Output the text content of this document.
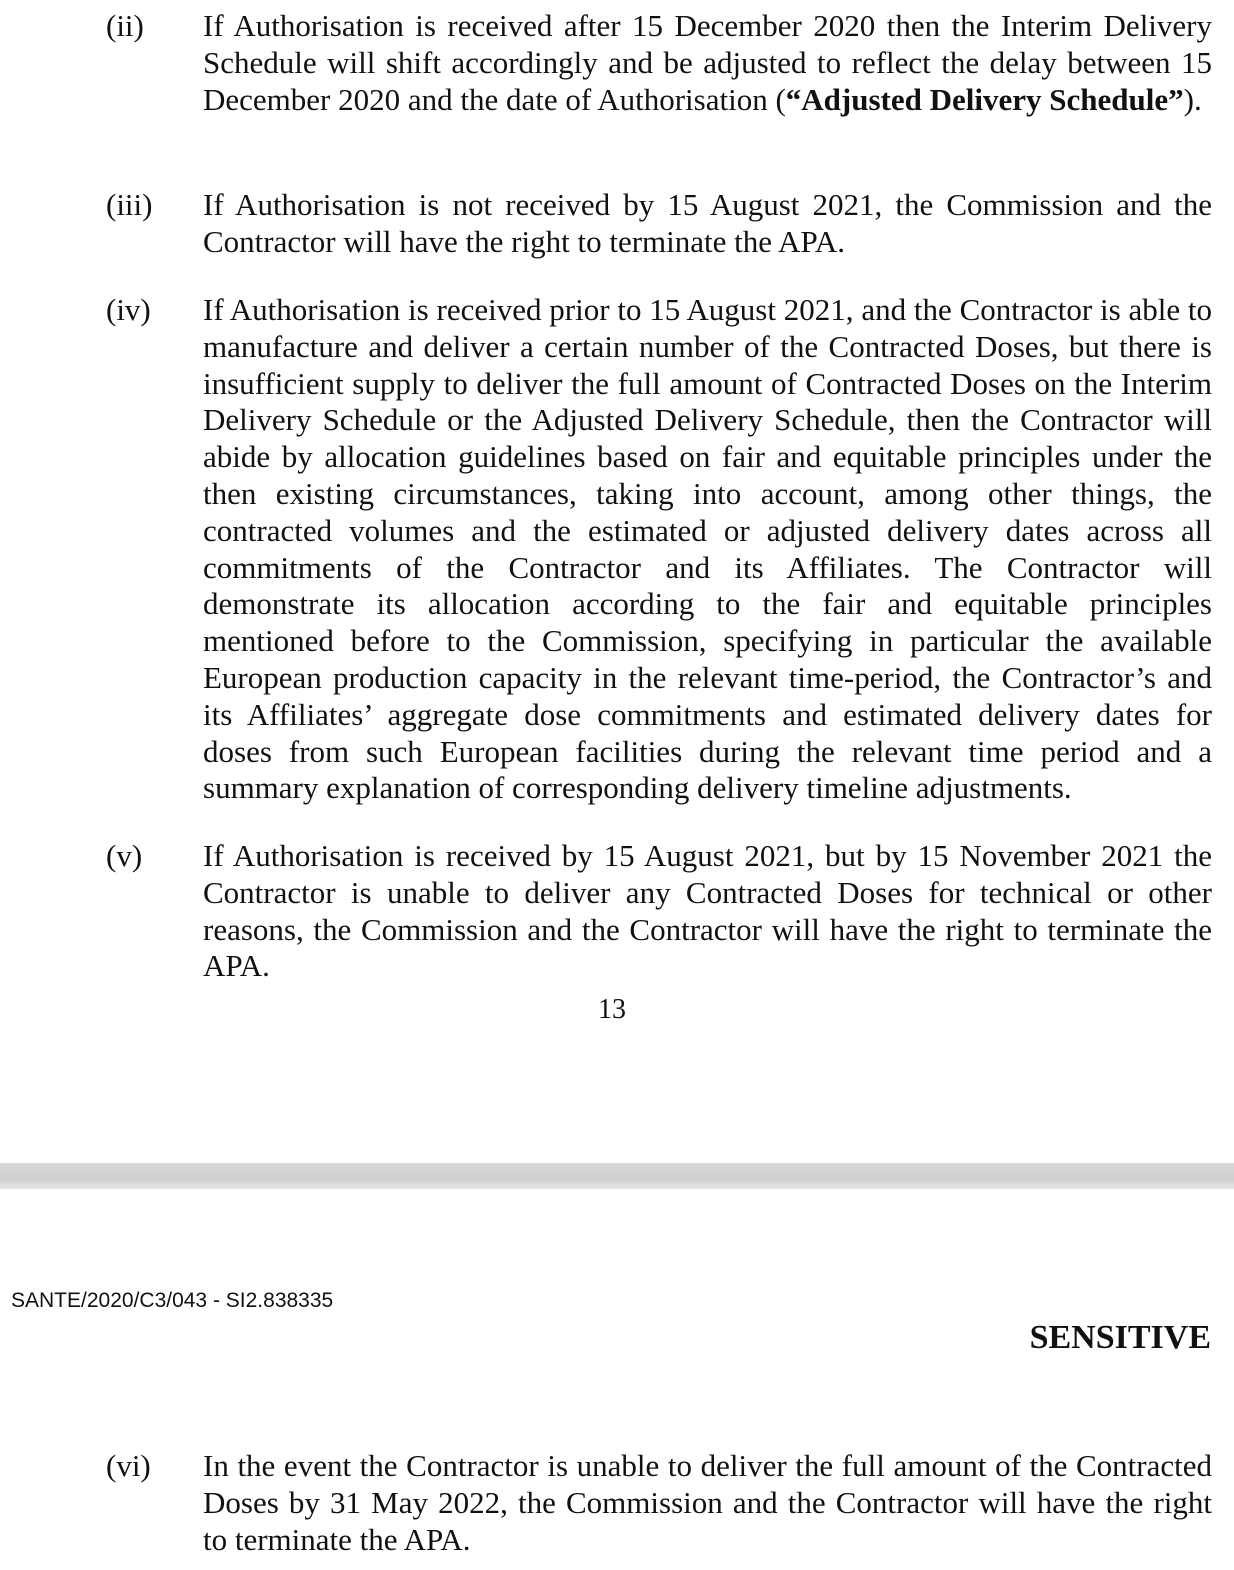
(ii) If Authorisation is received after 15 December 2020 then the Interim Delivery Schedule will shift accordingly and be adjusted to reflect the delay between 15 December 2020 and the date of Authorisation (“Adjusted Delivery Schedule”).

(iii) If Authorisation is not received by 15 August 2021, the Commission and the Contractor will have the right to terminate the APA.

(iv) If Authorisation is received prior to 15 August 2021, and the Contractor is able to manufacture and deliver a certain number of the Contracted Doses, but there is insufficient supply to deliver the full amount of Contracted Doses on the Interim Delivery Schedule or the Adjusted Delivery Schedule, then the Contractor will abide by allocation guidelines based on fair and equitable principles under the then existing circumstances, taking into account, among other things, the contracted volumes and the estimated or adjusted delivery dates across all commitments of the Contractor and its Affiliates. The Contractor will demonstrate its allocation according to the fair and equitable principles mentioned before to the Commission, specifying in particular the available European production capacity in the relevant time-period, the Contractor’s and its Affiliates’ aggregate dose commitments and estimated delivery dates for doses from such European facilities during the relevant time period and a summary explanation of corresponding delivery timeline adjustments.

(v) If Authorisation is received by 15 August 2021, but by 15 November 2021 the Contractor is unable to deliver any Contracted Doses for technical or other reasons, the Commission and the Contractor will have the right to terminate the APA.

13
SANTE/2020/C3/043 - SI2.838335
SENSITIVE
(vi) In the event the Contractor is unable to deliver the full amount of the Contracted Doses by 31 May 2022, the Commission and the Contractor will have the right to terminate the APA.
